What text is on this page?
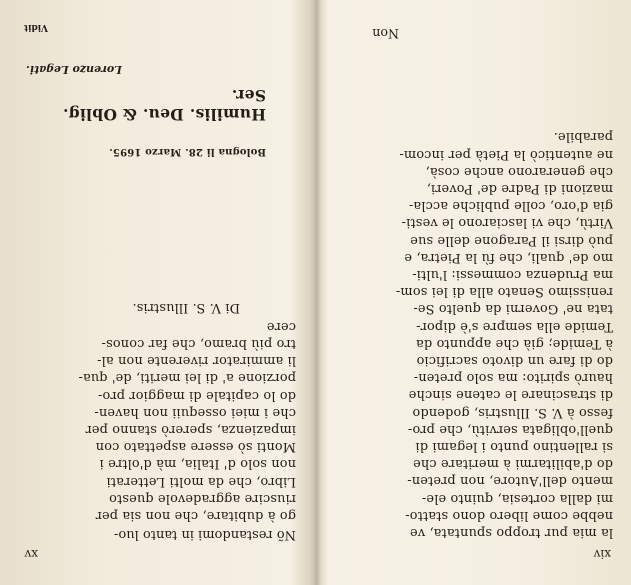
xiv
la mia pur troppo spuntata, ve
nebbe come libero dono statto-
mi dalla cortesia, quinto ele-
mento dell'Autore, non preten-
do d'abilitarmi à meritare che
si rallentino punto i legami di
quell'obligata servitù, che pro-
fesso à V. S. Illustris, godendo
di strascinare le catene sinche
haurò spirito: ma solo preten-
do di fare un divoto sacrificio
à Temide; già che appunto da
Temide ella sempre s'è dipor-
tata ne' Governi da quelto Se-
renissimo Senato alla di lei som-
ma Prudenza commessi: l'ulti-
mo de' quali, che fù la Pietra, e
può dirsi il Paragone delle sue
Virtù, che vi lasciarono le vesti-
gia d'oro, colle publiche accla-
mazioni di Padre de' Poveri,
che generarono anche cosà,
ne autenticò la Pietà per incom-
parabile.
Non
xv
Nõ restandomi in tanto luo-
go à dubitare, che non sia per
riuscire aggradevole questo
Libro, che da molti Letterati
non solo d' Italia, mà d'oltre i
Monti sò essere aspettato con
impazienza, spererò stanno per
che i miei ossequii non haven-
do lo capitale di maggior pro-
porzione a' di lei meriti, de' qua-
li ammirator riverente non al-
tro più bramo, che far conos-
cere
Di V. S. Illustris.
Bologna li 28. Marzo 1695.
Humilis. Deu. & Oblig. Ser.
Lorenzo Legati.
Vidit
